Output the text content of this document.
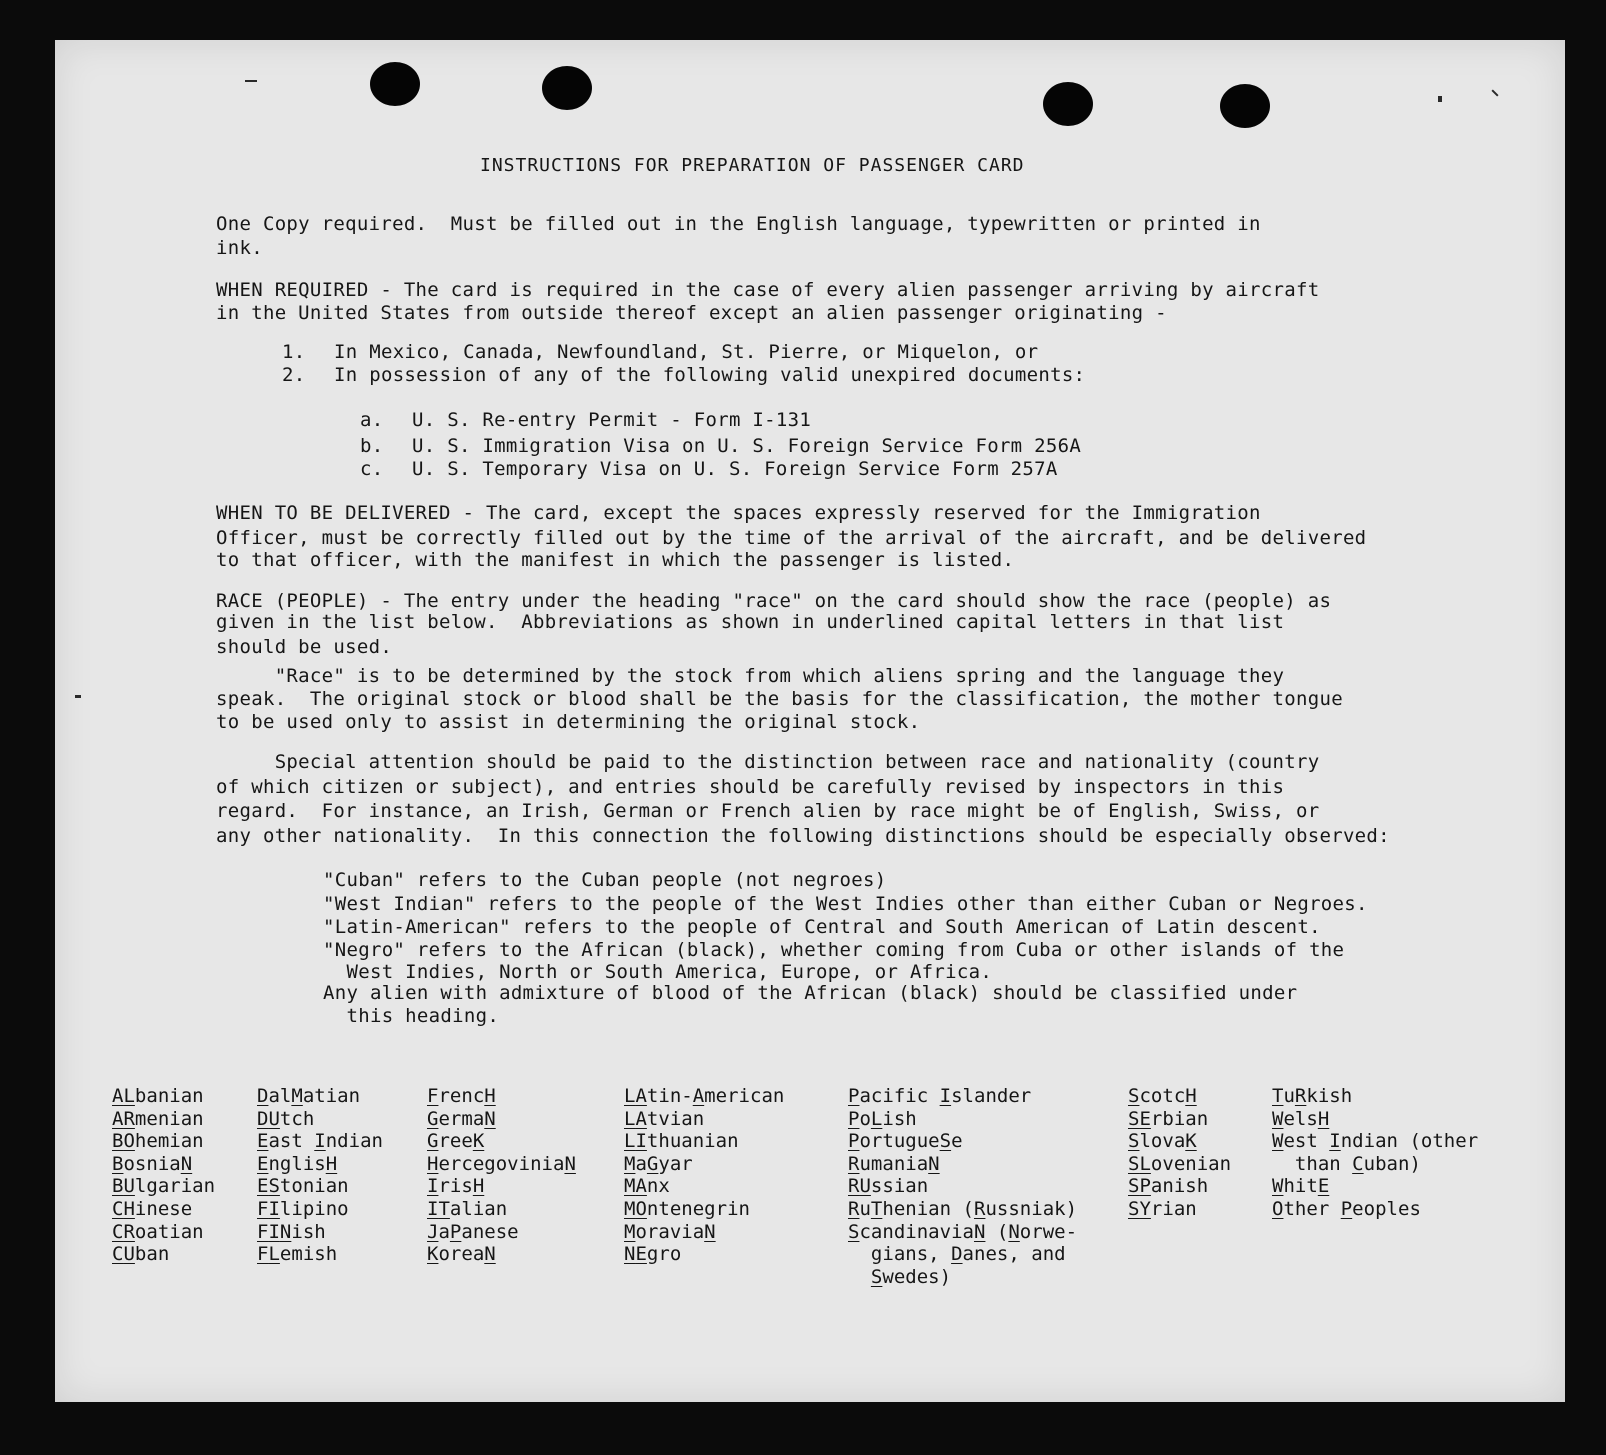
INSTRUCTIONS FOR PREPARATION OF PASSENGER CARD
One Copy required.  Must be filled out in the English language, typewritten or printed in
ink.
WHEN REQUIRED - The card is required in the case of every alien passenger arriving by aircraft
in the United States from outside thereof except an alien passenger originating -
1. In Mexico, Canada, Newfoundland, St. Pierre, or Miquelon, or
2. In possession of any of the following valid unexpired documents:
a. U. S. Re-entry Permit - Form I-131
b. U. S. Immigration Visa on U. S. Foreign Service Form 256A
c. U. S. Temporary Visa on U. S. Foreign Service Form 257A
WHEN TO BE DELIVERED - The card, except the spaces expressly reserved for the Immigration
Officer, must be correctly filled out by the time of the arrival of the aircraft, and be delivered
to that officer, with the manifest in which the passenger is listed.
RACE (PEOPLE) - The entry under the heading "race" on the card should show the race (people) as
given in the list below.  Abbreviations as shown in underlined capital letters in that list
should be used.
"Race" is to be determined by the stock from which aliens spring and the language they
speak.  The original stock or blood shall be the basis for the classification, the mother tongue
to be used only to assist in determining the original stock.
Special attention should be paid to the distinction between race and nationality (country
of which citizen or subject), and entries should be carefully revised by inspectors in this
regard.  For instance, an Irish, German or French alien by race might be of English, Swiss, or
any other nationality.  In this connection the following distinctions should be especially observed:
"Cuban" refers to the Cuban people (not negroes)
"West Indian" refers to the people of the West Indies other than either Cuban or Negroes.
"Latin-American" refers to the people of Central and South American of Latin descent.
"Negro" refers to the African (black), whether coming from Cuba or other islands of the
West Indies, North or South America, Europe, or Africa.
Any alien with admixture of blood of the African (black) should be classified under
this heading.
ALbanian
ARmenian
BOhemian
BosniaN
BUlgarian
CHinese
CRoatian
CUban
DalMatian
DUtch
East Indian
EnglisH
EStonian
FIlipino
FINish
FLemish
FrencH
GermaN
GreeK
HercegoviniaN
IrisH
ITalian
JaPanese
KoreaN
LAtin-American
LAtvian
LIthuanian
MaGyar
MAnx
MOntenegrin
MoraviaN
NEgro
Pacific Islander
PoLish
PortugueSe
RumaniaN
RUssian
RuThenian (Russniak)
ScandinaviaN (Norwe-
gians, Danes, and
Swedes)
ScotcH
SErbian
SlovaK
SLovenian
SPanish
SYrian
TuRkish
WelsH
West Indian (other
than Cuban)
WhitE
Other Peoples
